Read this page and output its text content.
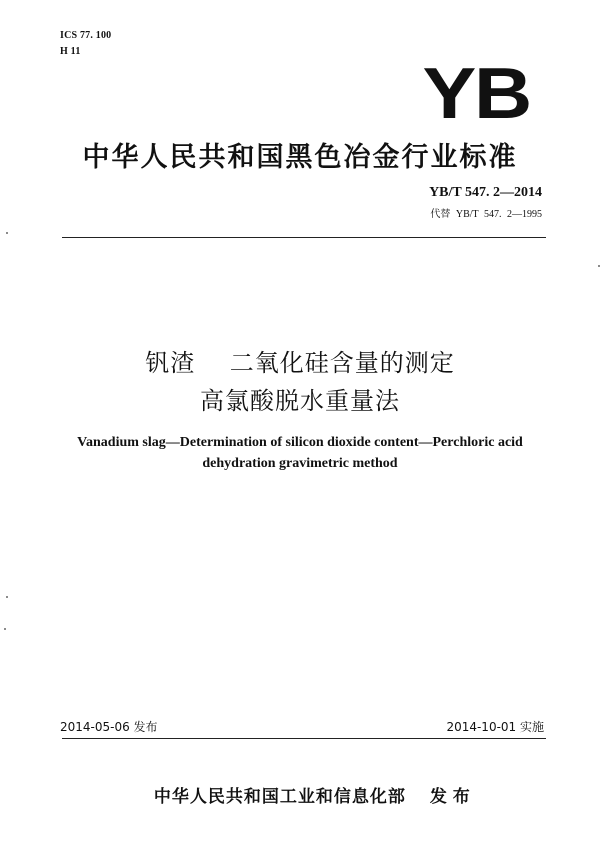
ICS 77. 100
H 11
YB
中华人民共和国黑色冶金行业标准
YB/T 547. 2—2014
代替 YB/T 547. 2—1995
钒渣    二氧化硅含量的测定
高氯酸脱水重量法
Vanadium slag—Determination of silicon dioxide content—Perchloric acid
dehydration gravimetric method
2014-05-06 发布	2014-10-01 实施

中华人民共和国工业和信息化部 发 布
